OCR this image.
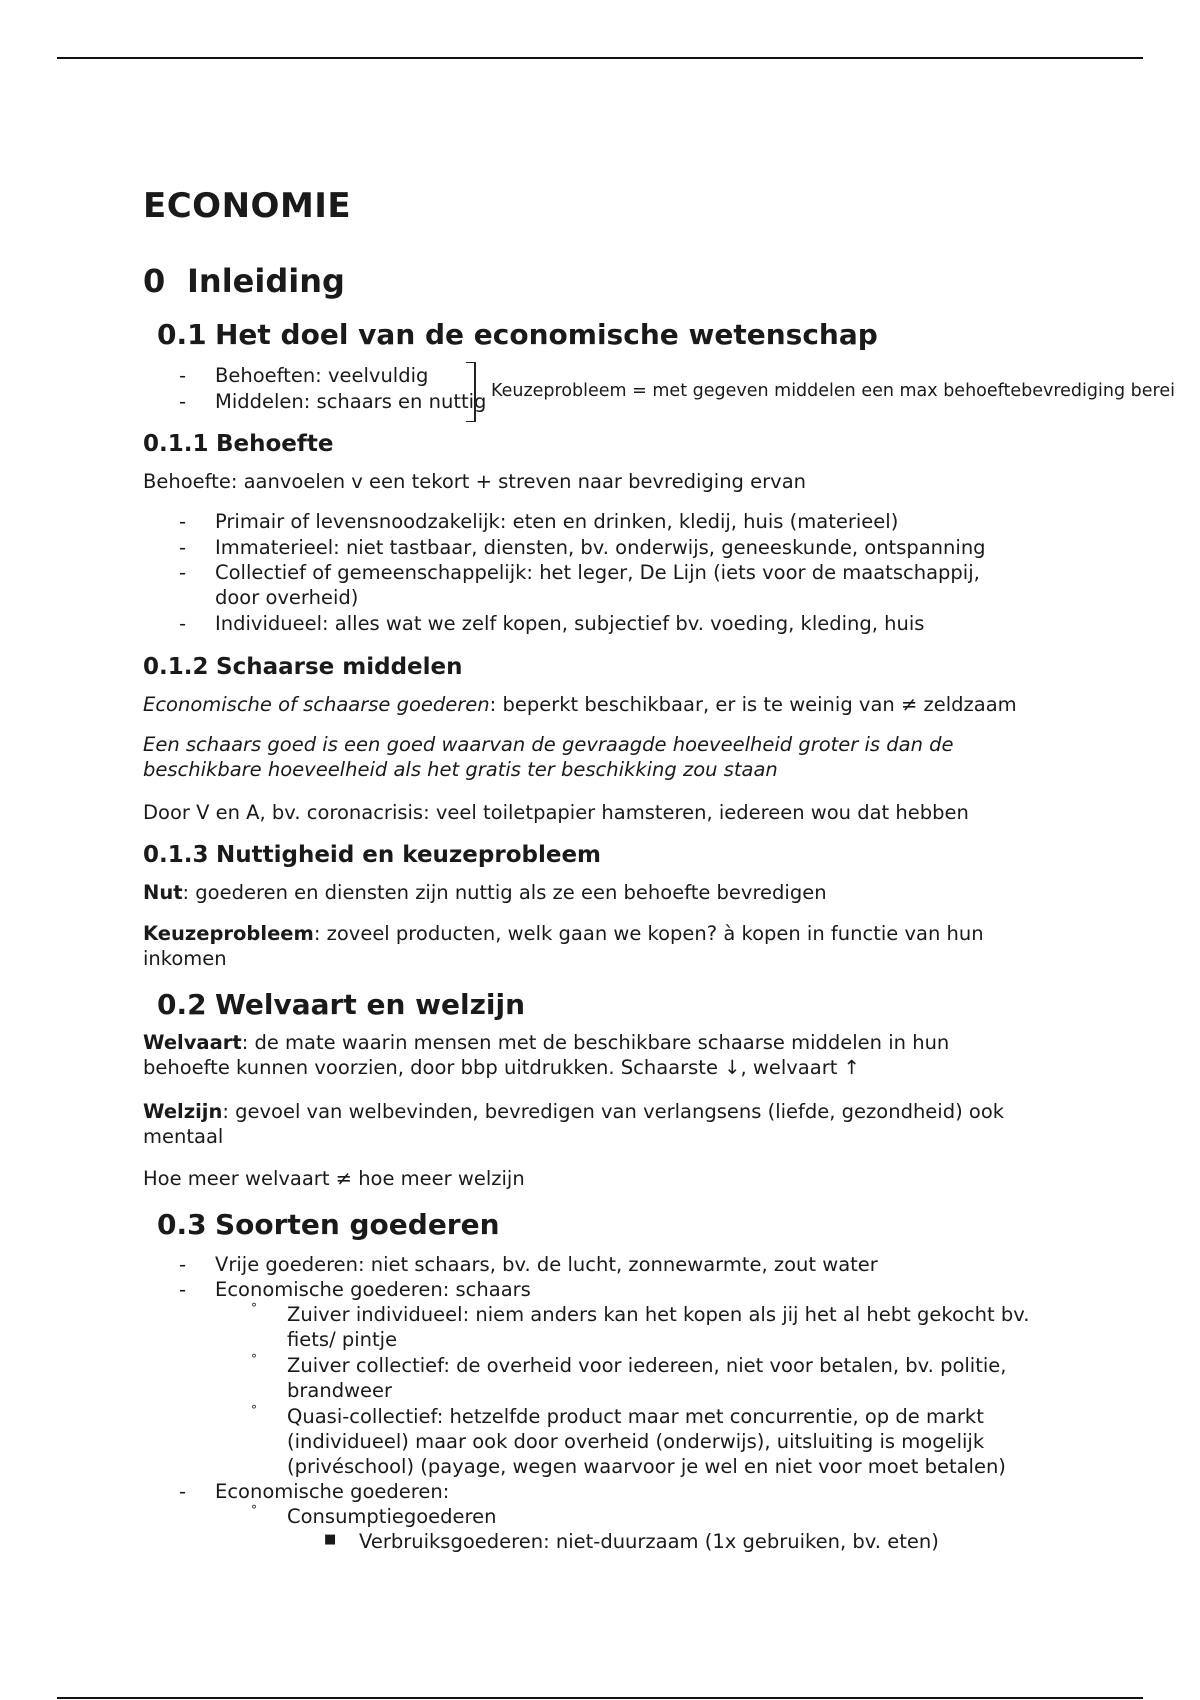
ECONOMIE
0 Inleiding
0.1 Het doel van de economische wetenschap
-	Behoeften: veelvuldig
-	Middelen: schaars en nuttig
0.1.1 Behoefte
Behoefte: aanvoelen v een tekort + streven naar bevrediging ervan
-	Primair of levensnoodzakelijk: eten en drinken, kledij, huis (materieel)
-	Immaterieel: niet tastbaar, diensten, bv. onderwijs, geneeskunde, ontspanning
-	Collectief of gemeenschappelijk: het leger, De Lijn (iets voor de maatschappij,
door overheid)
-	Individueel: alles wat we zelf kopen, subjectief bv. voeding, kleding, huis
0.1.2 Schaarse middelen
Economische of schaarse goederen: beperkt beschikbaar, er is te weinig van ≠ zeldzaam
Een schaars goed is een goed waarvan de gevraagde hoeveelheid groter is dan de
beschikbare hoeveelheid als het gratis ter beschikking zou staan
Door V en A, bv. coronacrisis: veel toiletpapier hamsteren, iedereen wou dat hebben
0.1.3 Nuttigheid en keuzeprobleem
Nut: goederen en diensten zijn nuttig als ze een behoefte bevredigen
Keuzeprobleem: zoveel producten, welk gaan we kopen? à kopen in functie van hun
inkomen
0.2 Welvaart en welzijn
Welvaart: de mate waarin mensen met de beschikbare schaarse middelen in hun
behoefte kunnen voorzien, door bbp uitdrukken. Schaarste ↓, welvaart ↑
Welzijn: gevoel van welbevinden, bevredigen van verlangsens (liefde, gezondheid) ook
mentaal
Hoe meer welvaart ≠ hoe meer welzijn
0.3 Soorten goederen
-	Vrije goederen: niet schaars, bv. de lucht, zonnewarmte, zout water
-	Economische goederen: schaars
° Zuiver individueel: niem anders kan het kopen als jij het al hebt gekocht bv.
fiets/ pintje
° Zuiver collectief: de overheid voor iedereen, niet voor betalen, bv. politie,
brandweer
° Quasi-collectief: hetzelfde product maar met concurrentie, op de markt
(individueel) maar ook door overheid (onderwijs), uitsluiting is mogelijk
(privéschool) (payage, wegen waarvoor je wel en niet voor moet betalen)
-	Economische goederen:
° Consumptiegoederen
■ Verbruiksgoederen: niet-duurzaam (1x gebruiken, bv. eten)
Keuzeprobleem = met gegeven middelen een max behoeftebevrediging berei
